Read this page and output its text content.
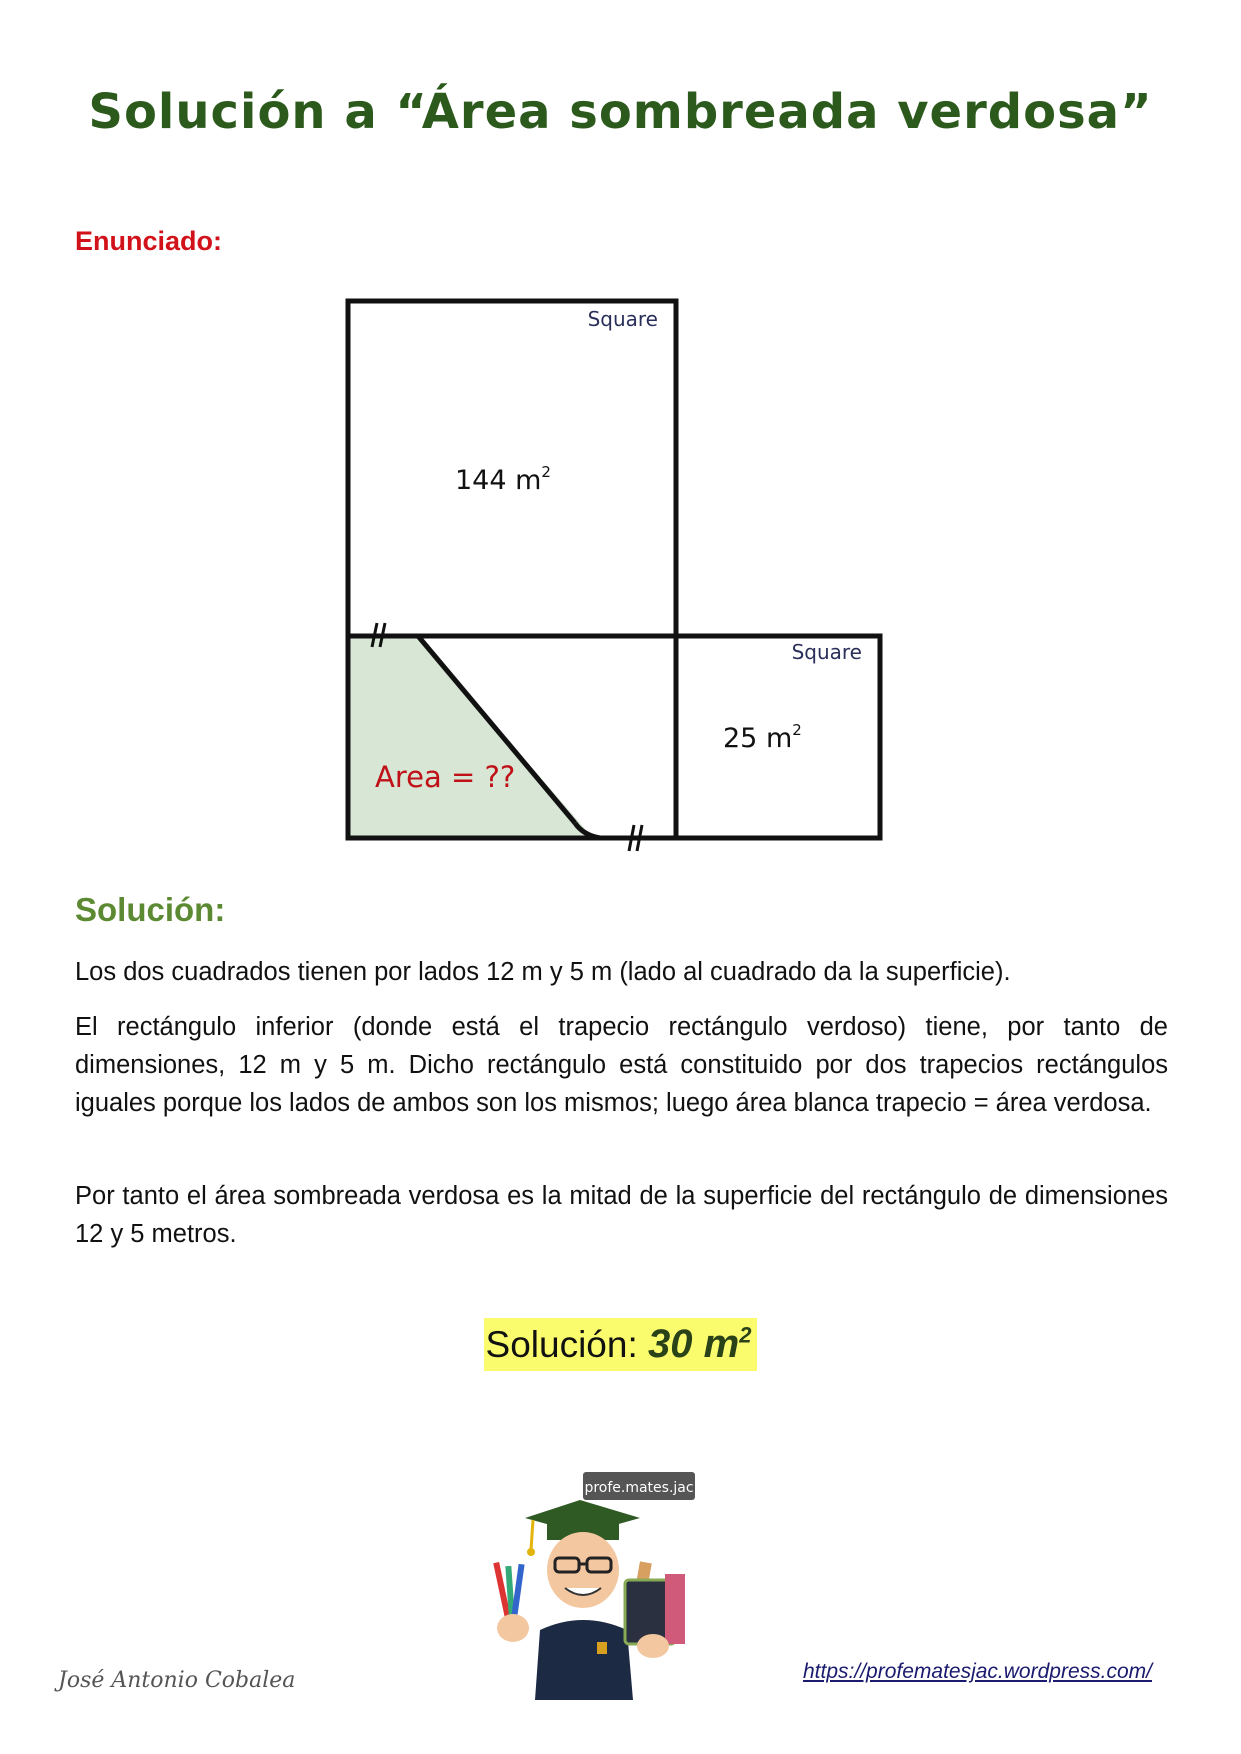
Solución a “Área sombreada verdosa”
Enunciado:
Square
144 $m^2$
Square
25 $m^2$
Area = ??
Solución:
Los dos cuadrados tienen por lados 12 m y 5 m (lado al cuadrado da la superficie).
El rectángulo inferior (donde está el trapecio rectángulo verdoso) tiene, por tanto de dimensiones, 12 m y 5 m. Dicho rectángulo está constituido por dos trapecios rectángulos iguales porque los lados de ambos son los mismos; luego área blanca trapecio = área verdosa.
Por tanto el área sombreada verdosa es la mitad de la superficie del rectángulo de dimensiones 12 y 5 metros.
Solución: 30 $m^2$
profe.mates.jac
José Antonio Cobalea	https://profematesjac.wordpress.com/
